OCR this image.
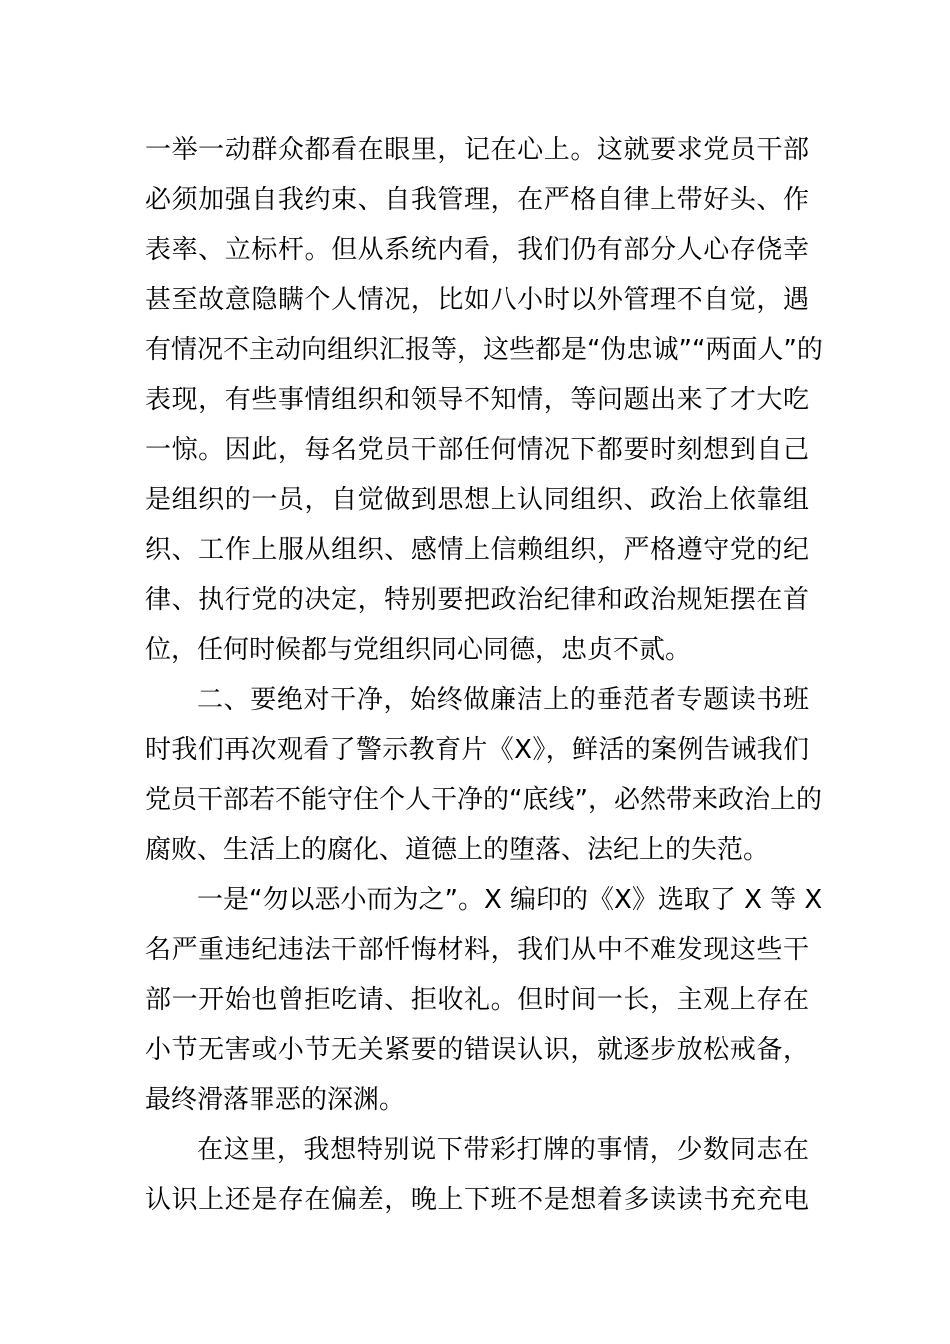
一举一动群众都看在眼里，记在心上。这就要求党员干部
必须加强自我约束、自我管理，在严格自律上带好头、作
表率、立标杆。但从系统内看，我们仍有部分人心存侥幸
甚至故意隐瞒个人情况，比如八小时以外管理不自觉，遇
有情况不主动向组织汇报等，这些都是“伪忠诚”“两面人”的
表现，有些事情组织和领导不知情，等问题出来了才大吃
一惊。因此，每名党员干部任何情况下都要时刻想到自己
是组织的一员，自觉做到思想上认同组织、政治上依靠组
织、工作上服从组织、感情上信赖组织，严格遵守党的纪
律、执行党的决定，特别要把政治纪律和政治规矩摆在首
位，任何时候都与党组织同心同德，忠贞不贰。
二、要绝对干净，始终做廉洁上的垂范者专题读书班
时我们再次观看了警示教育片《X》，鲜活的案例告诫我们
党员干部若不能守住个人干净的“底线”，必然带来政治上的
腐败、生活上的腐化、道德上的堕落、法纪上的失范。
一是“勿以恶小而为之”。X 编印的《X》选取了 X 等 X
名严重违纪违法干部忏悔材料，我们从中不难发现这些干
部一开始也曾拒吃请、拒收礼。但时间一长，主观上存在
小节无害或小节无关紧要的错误认识，就逐步放松戒备，
最终滑落罪恶的深渊。
在这里，我想特别说下带彩打牌的事情，少数同志在
认识上还是存在偏差，晚上下班不是想着多读读书充充电
